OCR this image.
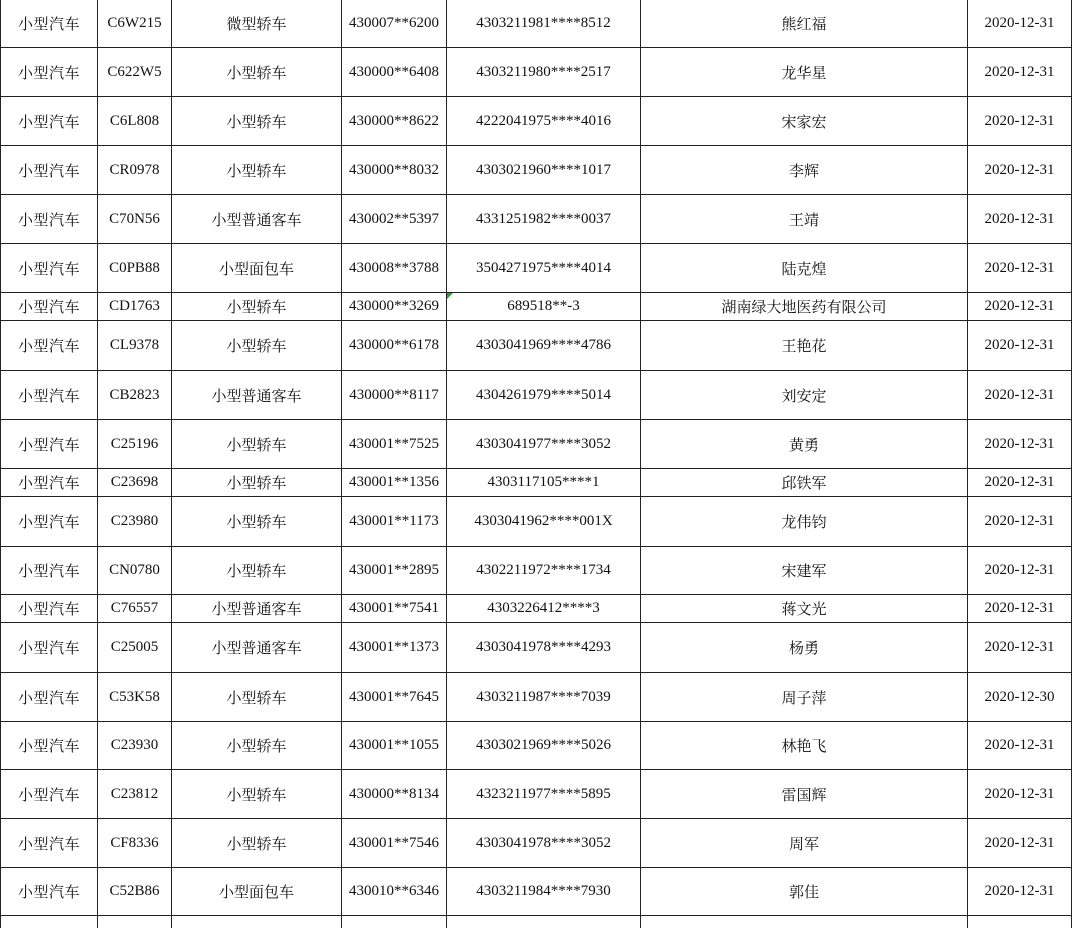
小型汽车	C6W215	微型轿车	430007**6200	4303211981****8512	熊红福	2020-12-31
小型汽车	C622W5	小型轿车	430000**6408	4303211980****2517	龙华星	2020-12-31
小型汽车	C6L808	小型轿车	430000**8622	4222041975****4016	宋家宏	2020-12-31
小型汽车	CR0978	小型轿车	430000**8032	4303021960****1017	李辉	2020-12-31
小型汽车	C70N56	小型普通客车	430002**5397	4331251982****0037	王靖	2020-12-31
小型汽车	C0PB88	小型面包车	430008**3788	3504271975****4014	陆克煌	2020-12-31
小型汽车	CD1763	小型轿车	430000**3269	689518**-3	湖南绿大地医药有限公司	2020-12-31
小型汽车	CL9378	小型轿车	430000**6178	4303041969****4786	王艳花	2020-12-31
小型汽车	CB2823	小型普通客车	430000**8117	4304261979****5014	刘安定	2020-12-31
小型汽车	C25196	小型轿车	430001**7525	4303041977****3052	黄勇	2020-12-31
小型汽车	C23698	小型轿车	430001**1356	4303117105****1	邱铁军	2020-12-31
小型汽车	C23980	小型轿车	430001**1173	4303041962****001X	龙伟钧	2020-12-31
小型汽车	CN0780	小型轿车	430001**2895	4302211972****1734	宋建军	2020-12-31
小型汽车	C76557	小型普通客车	430001**7541	4303226412****3	蒋文光	2020-12-31
小型汽车	C25005	小型普通客车	430001**1373	4303041978****4293	杨勇	2020-12-31
小型汽车	C53K58	小型轿车	430001**7645	4303211987****7039	周子萍	2020-12-30
小型汽车	C23930	小型轿车	430001**1055	4303021969****5026	林艳飞	2020-12-31
小型汽车	C23812	小型轿车	430000**8134	4323211977****5895	雷国辉	2020-12-31
小型汽车	CF8336	小型轿车	430001**7546	4303041978****3052	周军	2020-12-31
小型汽车	C52B86	小型面包车	430010**6346	4303211984****7930	郭佳	2020-12-31
